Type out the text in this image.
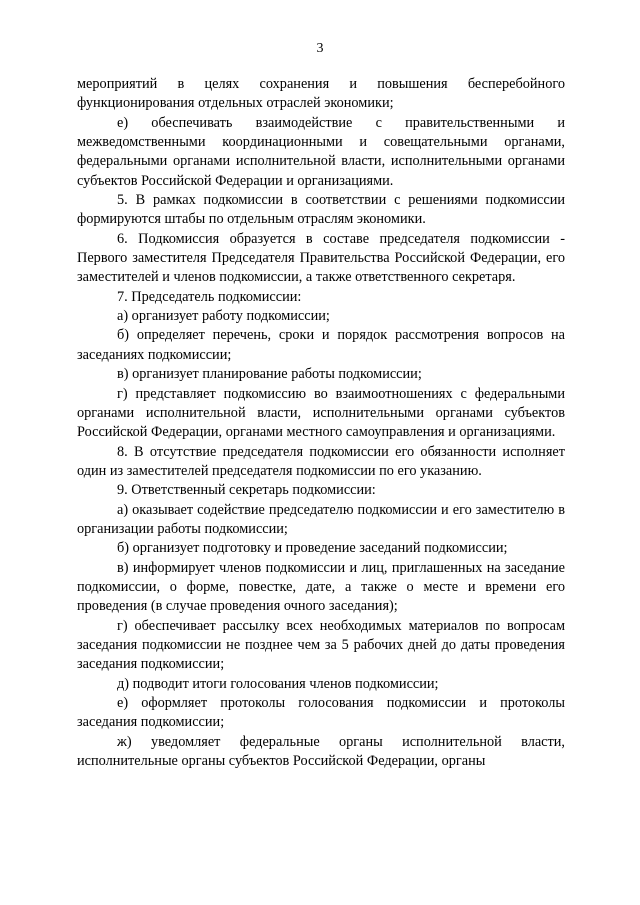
3

мероприятий в целях сохранения и повышения бесперебойного функционирования отдельных отраслей экономики;

е) обеспечивать взаимодействие с правительственными и межведомственными координационными и совещательными органами, федеральными органами исполнительной власти, исполнительными органами субъектов Российской Федерации и организациями.

5. В рамках подкомиссии в соответствии с решениями подкомиссии формируются штабы по отдельным отраслям экономики.

6. Подкомиссия образуется в составе председателя подкомиссии - Первого заместителя Председателя Правительства Российской Федерации, его заместителей и членов подкомиссии, а также ответственного секретаря.

7. Председатель подкомиссии:

а) организует работу подкомиссии;

б) определяет перечень, сроки и порядок рассмотрения вопросов на заседаниях подкомиссии;

в) организует планирование работы подкомиссии;

г) представляет подкомиссию во взаимоотношениях с федеральными органами исполнительной власти, исполнительными органами субъектов Российской Федерации, органами местного самоуправления и организациями.

8. В отсутствие председателя подкомиссии его обязанности исполняет один из заместителей председателя подкомиссии по его указанию.

9. Ответственный секретарь подкомиссии:

а) оказывает содействие председателю подкомиссии и его заместителю в организации работы подкомиссии;

б) организует подготовку и проведение заседаний подкомиссии;

в) информирует членов подкомиссии и лиц, приглашенных на заседание подкомиссии, о форме, повестке, дате, а также о месте и времени его проведения (в случае проведения очного заседания);

г) обеспечивает рассылку всех необходимых материалов по вопросам заседания подкомиссии не позднее чем за 5 рабочих дней до даты проведения заседания подкомиссии;

д) подводит итоги голосования членов подкомиссии;

е) оформляет протоколы голосования подкомиссии и протоколы заседания подкомиссии;

ж) уведомляет федеральные органы исполнительной власти, исполнительные органы субъектов Российской Федерации, органы
